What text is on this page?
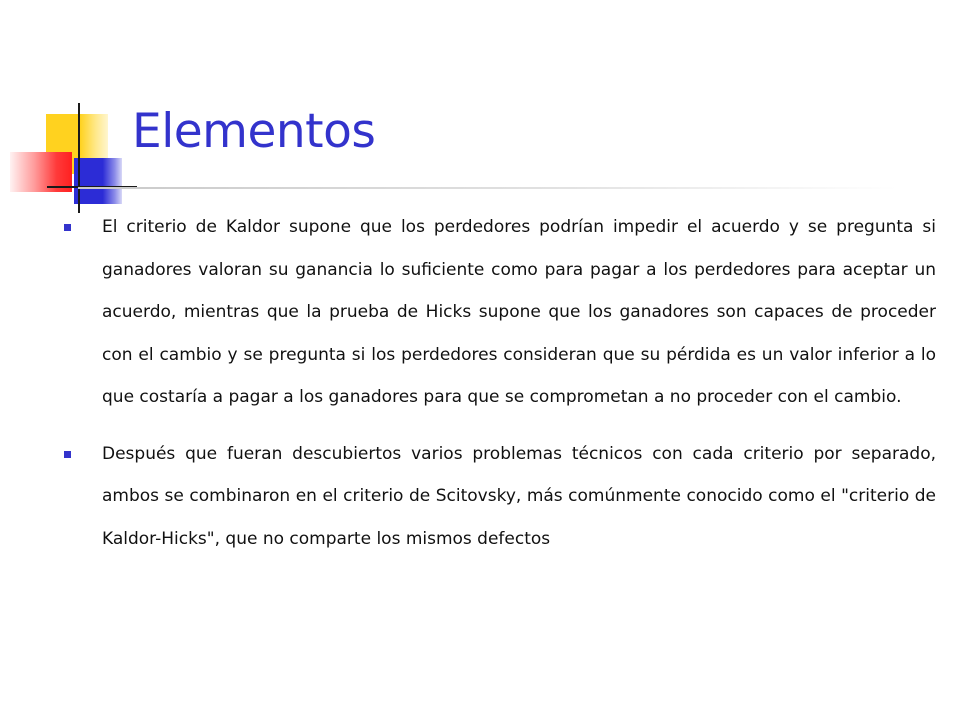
Elementos
El criterio de Kaldor supone que los perdedores podrían impedir el acuerdo y se pregunta si ganadores valoran su ganancia lo suficiente como para pagar a los perdedores para aceptar un acuerdo, mientras que la prueba de Hicks supone que los ganadores son capaces de proceder con el cambio y se pregunta si los perdedores consideran que su pérdida es un valor inferior a lo que costaría a pagar a los ganadores para que se comprometan a no proceder con el cambio.
Después que fueran descubiertos varios problemas técnicos con cada criterio por separado, ambos se combinaron en el criterio de Scitovsky, más comúnmente conocido como el "criterio de Kaldor-Hicks", que no comparte los mismos defectos
